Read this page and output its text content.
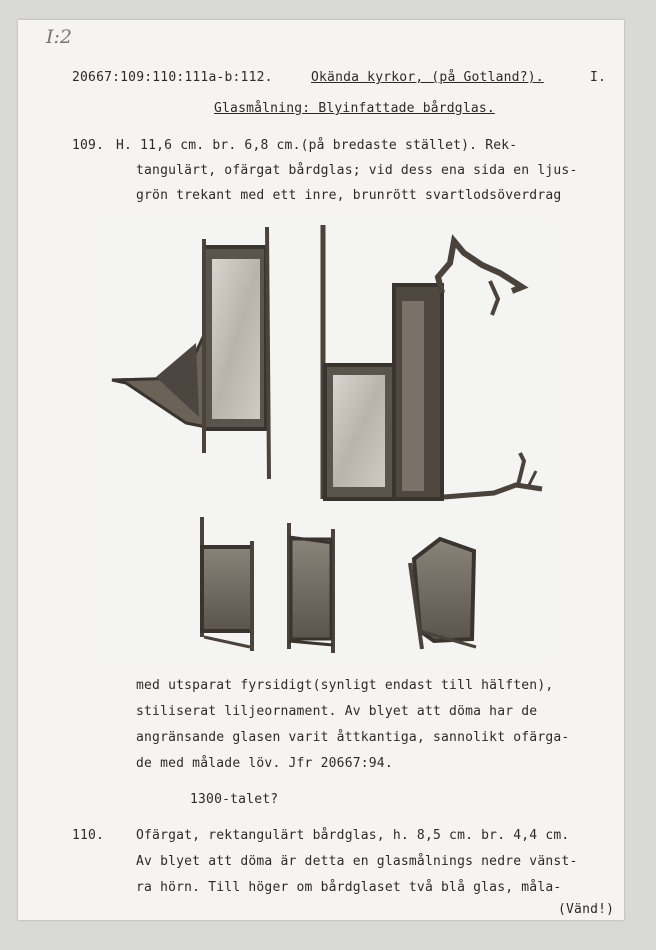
I:2
20667:109:110:111a-b:112.	Okända kyrkor, (på Gotland?).	I.
Glasmålning: Blyinfattade bårdglas.
109. H. 11,6 cm. br. 6,8 cm.(på bredaste stället). Rek-
tangulärt, ofärgat bårdglas; vid dess ena sida en ljus-
grön trekant med ett inre, brunrött svartlodsöverdrag
med utsparat fyrsidigt(synligt endast till hälften),
stiliserat liljeornament. Av blyet att döma har de
angränsande glasen varit åttkantiga, sannolikt ofärga-
de med målade löv. Jfr 20667:94.
1300-talet?
110. Ofärgat, rektangulärt bårdglas, h. 8,5 cm. br. 4,4 cm.
Av blyet att döma är detta en glasmålnings nedre vänst-
ra hörn. Till höger om bårdglaset två blå glas, måla-
(Vänd!)
